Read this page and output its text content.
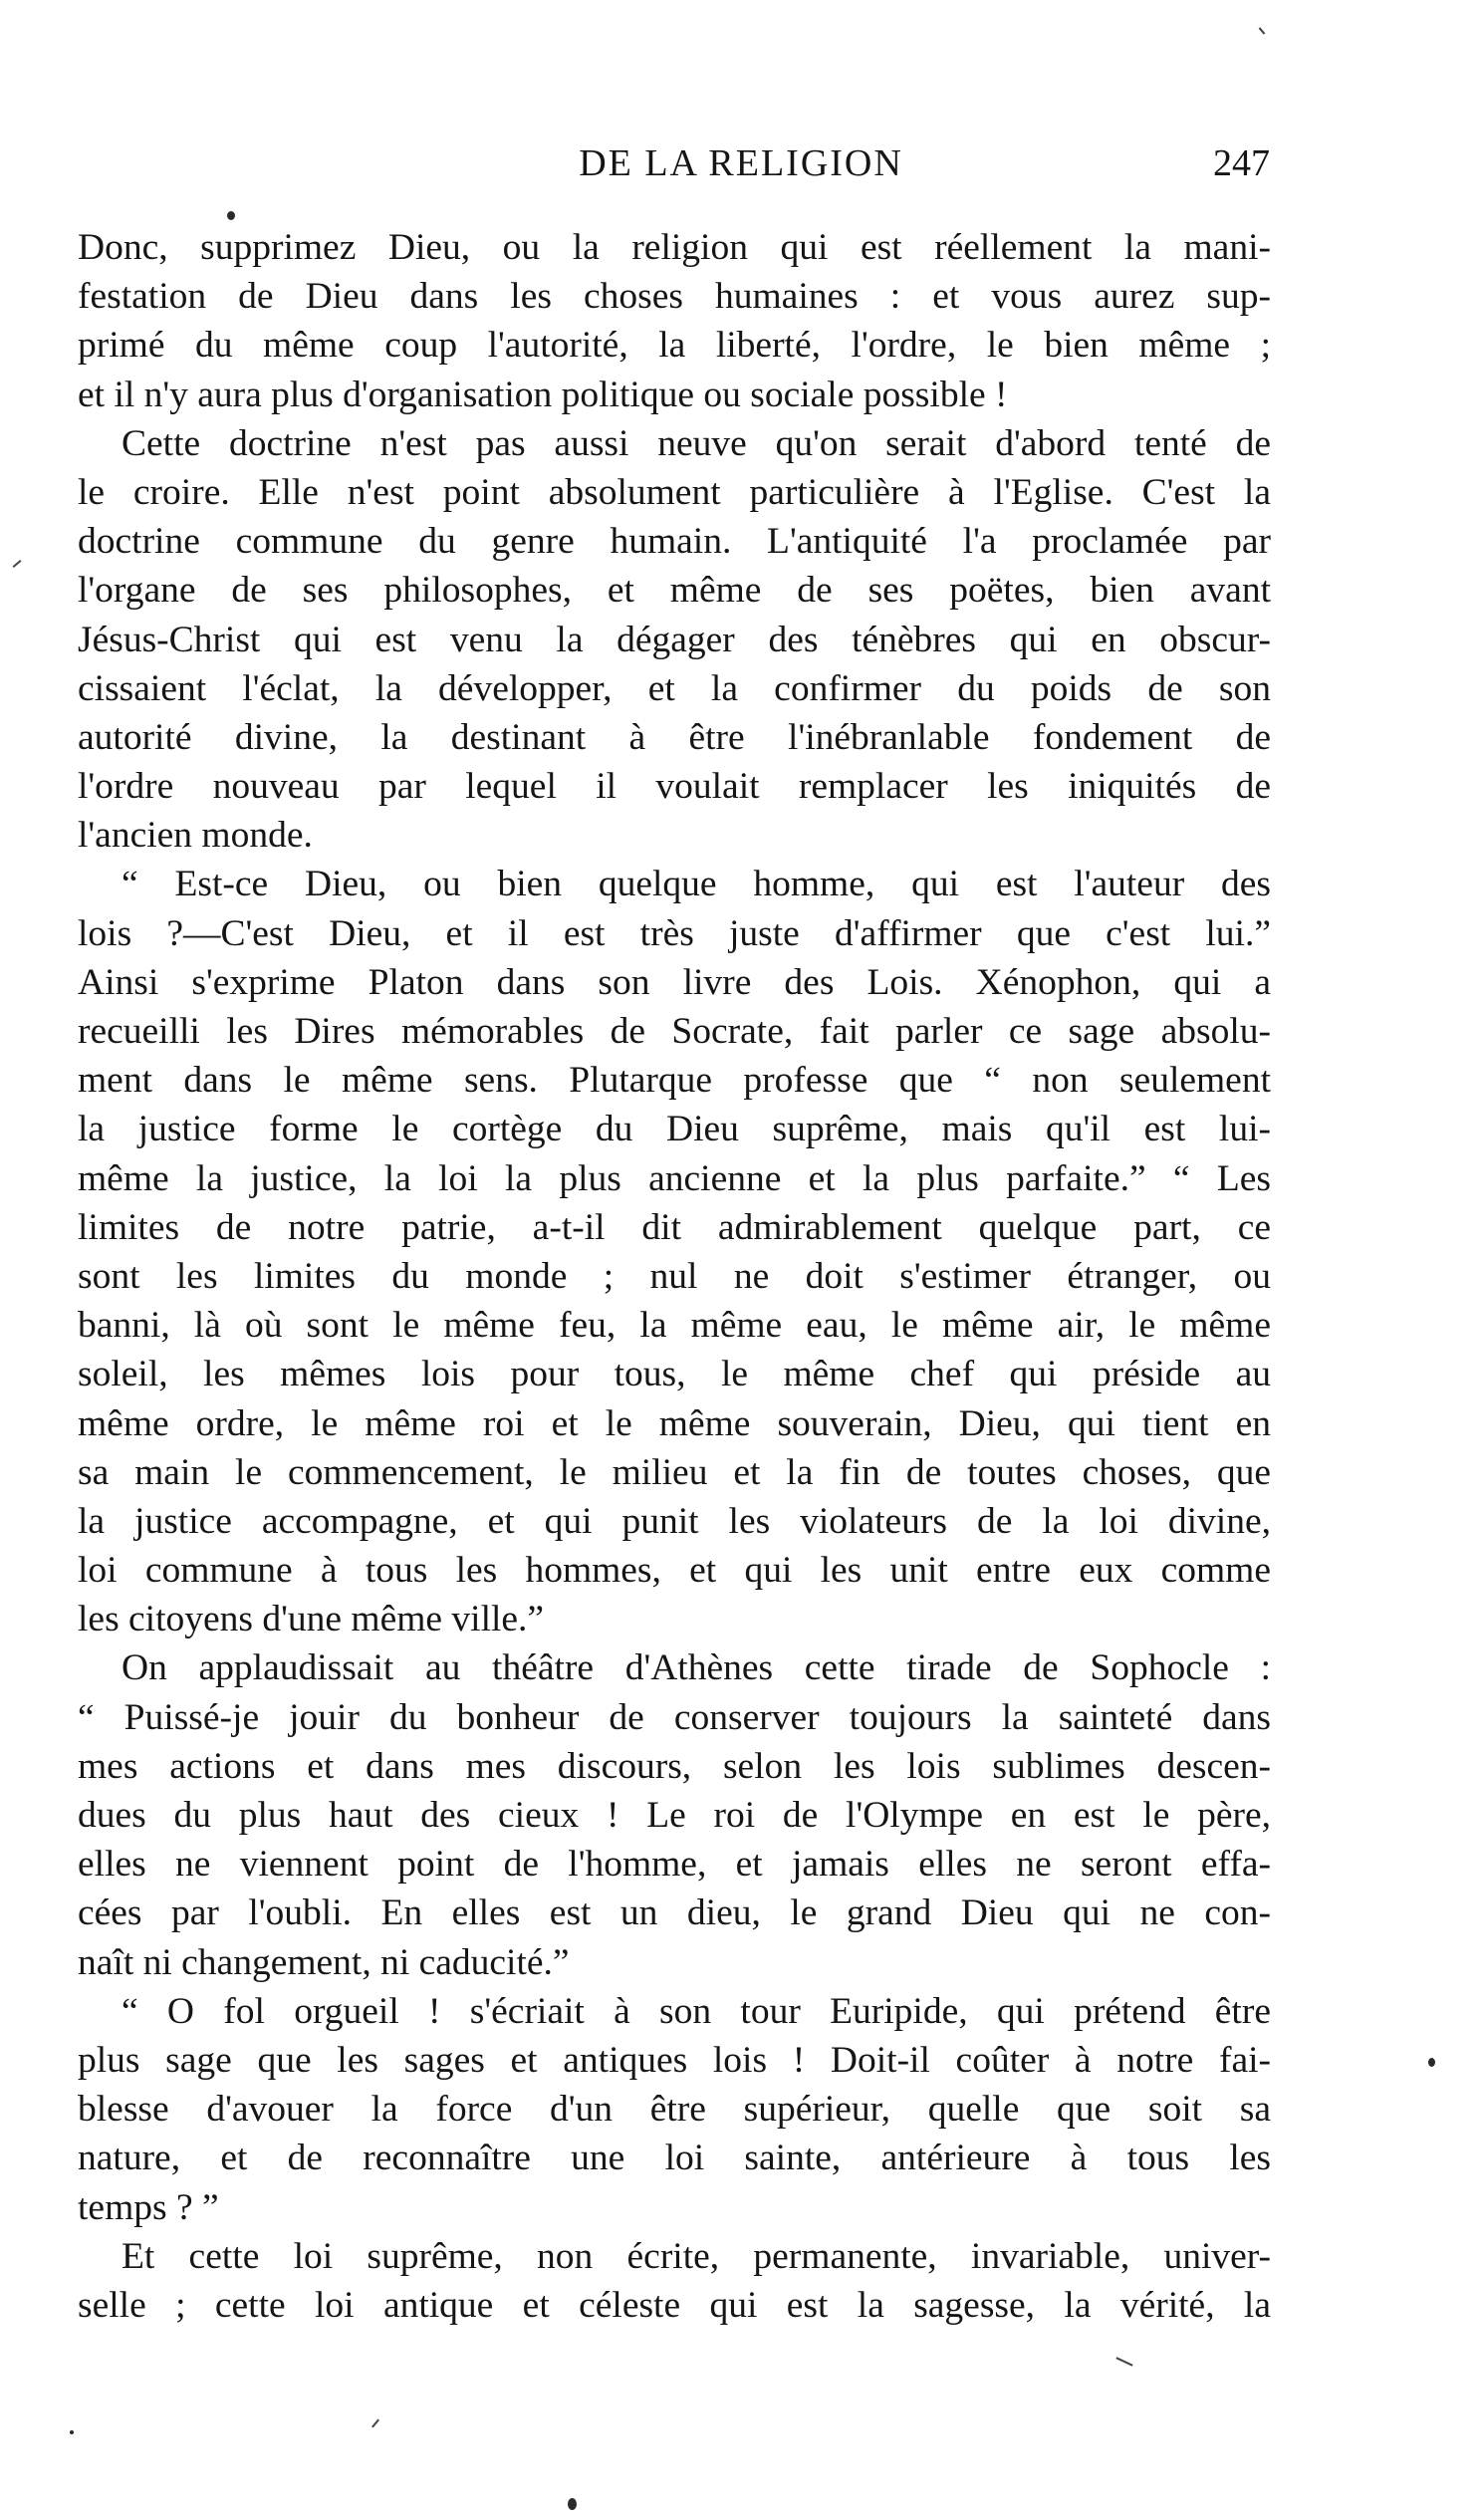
DE LA RELIGION	247
Donc, supprimez Dieu, ou la religion qui est réellement la mani-
festation de Dieu dans les choses humaines : et vous aurez sup-
primé du même coup l'autorité, la liberté, l'ordre, le bien même ;
et il n'y aura plus d'organisation politique ou sociale possible !
Cette doctrine n'est pas aussi neuve qu'on serait d'abord tenté de
le croire. Elle n'est point absolument particulière à l'Eglise. C'est la
doctrine commune du genre humain. L'antiquité l'a proclamée par
l'organe de ses philosophes, et même de ses poëtes, bien avant
Jésus-Christ qui est venu la dégager des ténèbres qui en obscur-
cissaient l'éclat, la développer, et la confirmer du poids de son
autorité divine, la destinant à être l'inébranlable fondement de
l'ordre nouveau par lequel il voulait remplacer les iniquités de
l'ancien monde.
“ Est-ce Dieu, ou bien quelque homme, qui est l'auteur des
lois ?—C'est Dieu, et il est très juste d'affirmer que c'est lui.”
Ainsi s'exprime Platon dans son livre des Lois. Xénophon, qui a
recueilli les Dires mémorables de Socrate, fait parler ce sage absolu-
ment dans le même sens. Plutarque professe que “ non seulement
la justice forme le cortège du Dieu suprême, mais qu'il est lui-
même la justice, la loi la plus ancienne et la plus parfaite.” “ Les
limites de notre patrie, a-t-il dit admirablement quelque part, ce
sont les limites du monde ; nul ne doit s'estimer étranger, ou
banni, là où sont le même feu, la même eau, le même air, le même
soleil, les mêmes lois pour tous, le même chef qui préside au
même ordre, le même roi et le même souverain, Dieu, qui tient en
sa main le commencement, le milieu et la fin de toutes choses, que
la justice accompagne, et qui punit les violateurs de la loi divine,
loi commune à tous les hommes, et qui les unit entre eux comme
les citoyens d'une même ville.”
On applaudissait au théâtre d'Athènes cette tirade de Sophocle :
“ Puissé-je jouir du bonheur de conserver toujours la sainteté dans
mes actions et dans mes discours, selon les lois sublimes descen-
dues du plus haut des cieux ! Le roi de l'Olympe en est le père,
elles ne viennent point de l'homme, et jamais elles ne seront effa-
cées par l'oubli. En elles est un dieu, le grand Dieu qui ne con-
naît ni changement, ni caducité.”
“ O fol orgueil ! s'écriait à son tour Euripide, qui prétend être
plus sage que les sages et antiques lois ! Doit-il coûter à notre fai-
blesse d'avouer la force d'un être supérieur, quelle que soit sa
nature, et de reconnaître une loi sainte, antérieure à tous les
temps ? ”
Et cette loi suprême, non écrite, permanente, invariable, univer-
selle ; cette loi antique et céleste qui est la sagesse, la vérité, la
